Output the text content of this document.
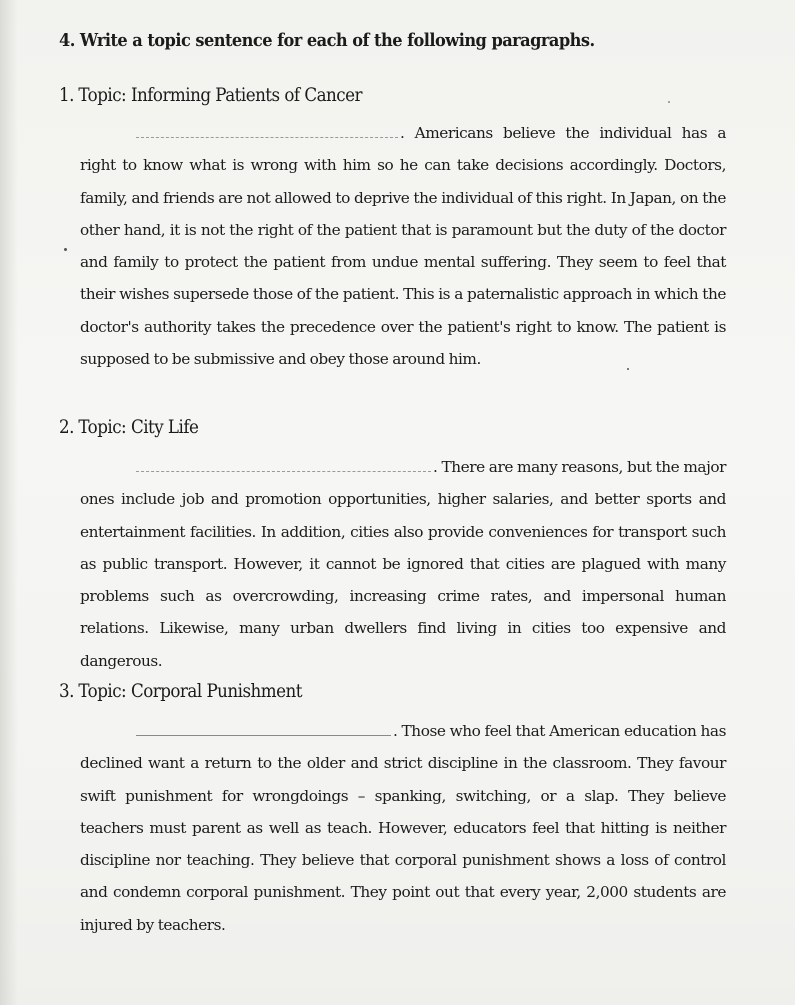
4. Write a topic sentence for each of the following paragraphs.
1. Topic: Informing Patients of Cancer

. Americans believe the individual has a right to know what is wrong with him so he can take decisions accordingly. Doctors, family, and friends are not allowed to deprive the individual of this right. In Japan, on the other hand, it is not the right of the patient that is paramount but the duty of the doctor and family to protect the patient from undue mental suffering. They seem to feel that their wishes supersede those of the patient. This is a paternalistic approach in which the doctor's authority takes the precedence over the patient's right to know. The patient is supposed to be submissive and obey those around him.

2. Topic: City Life

. There are many reasons, but the major ones include job and promotion opportunities, higher salaries, and better sports and entertainment facilities. In addition, cities also provide conveniences for transport such as public transport. However, it cannot be ignored that cities are plagued with many problems such as overcrowding, increasing crime rates, and impersonal human relations. Likewise, many urban dwellers find living in cities too expensive and dangerous.

3. Topic: Corporal Punishment

. Those who feel that American education has declined want a return to the older and strict discipline in the classroom. They favour swift punishment for wrongdoings – spanking, switching, or a slap. They believe teachers must parent as well as teach. However, educators feel that hitting is neither discipline nor teaching. They believe that corporal punishment shows a loss of control and condemn corporal punishment. They point out that every year, 2,000 students are injured by teachers.
